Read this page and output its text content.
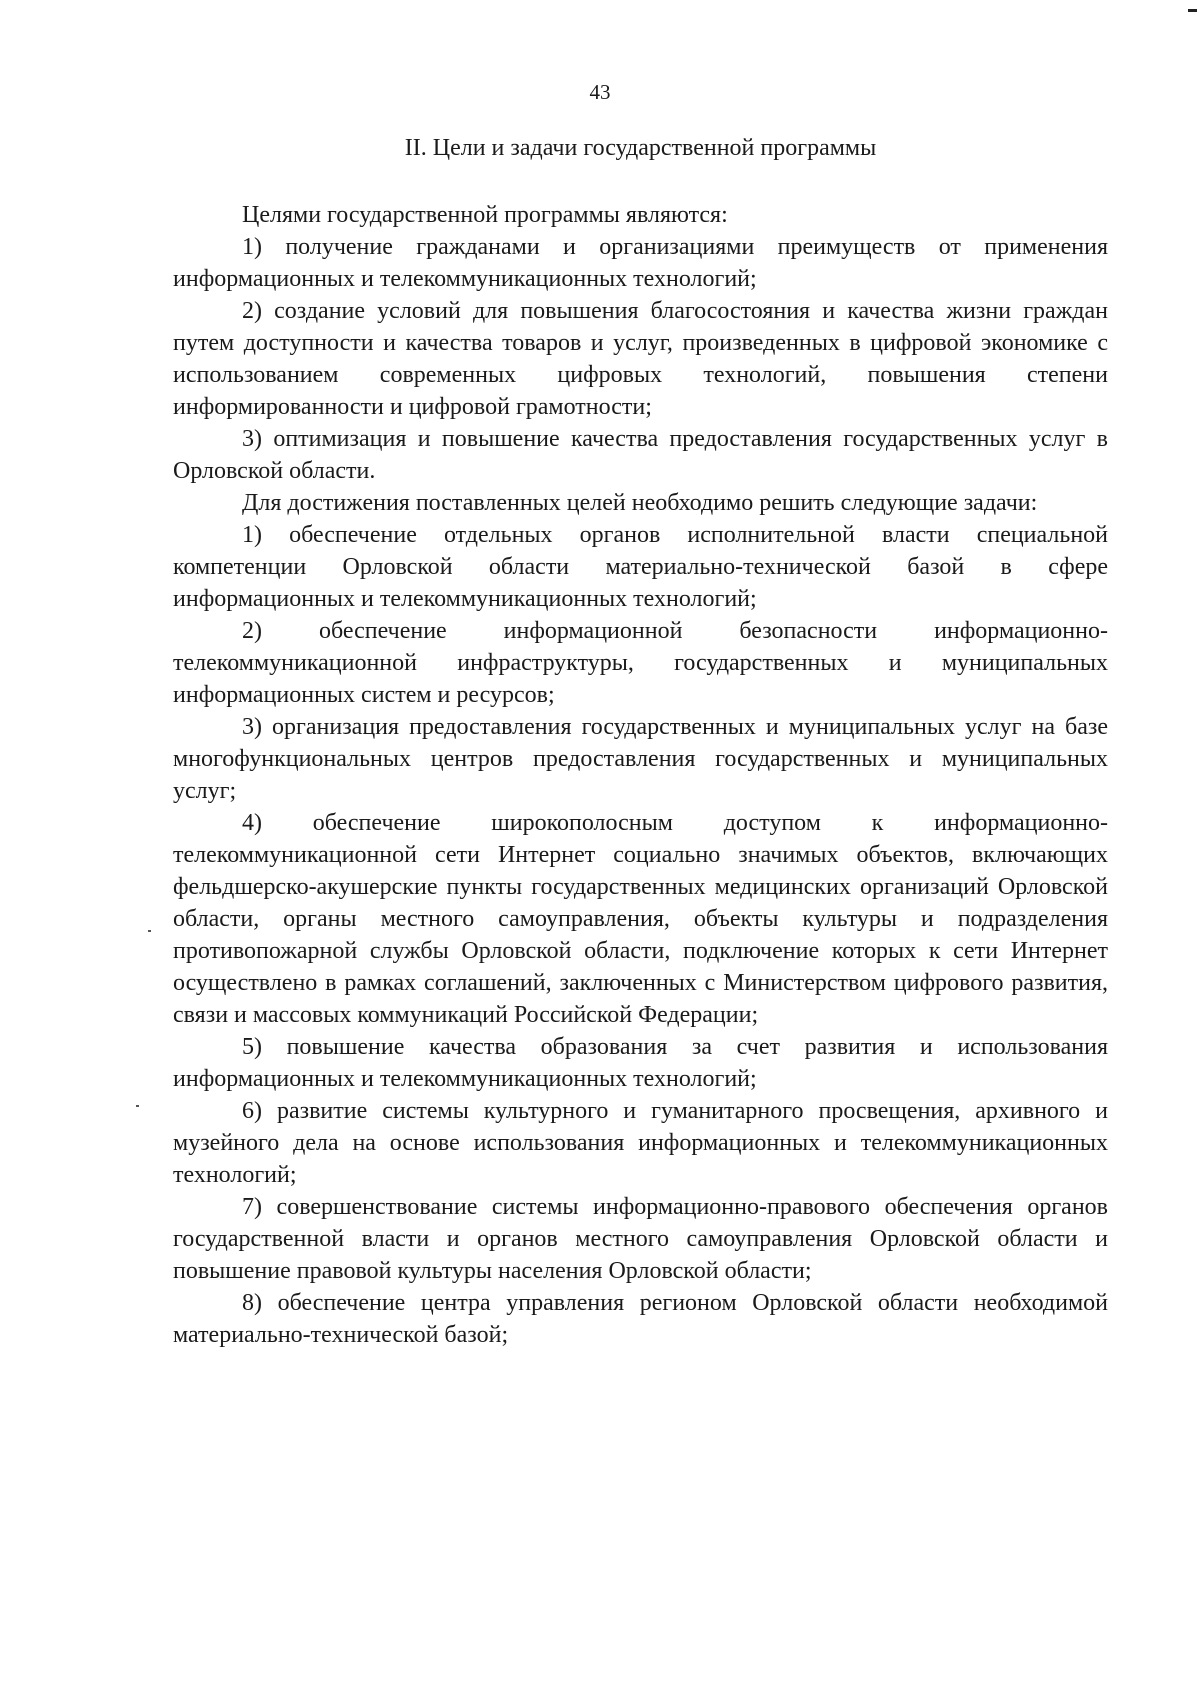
43
II. Цели и задачи государственной программы

Целями государственной программы являются:

1) получение гражданами и организациями преимуществ от применения информационных и телекоммуникационных технологий;

2) создание условий для повышения благосостояния и качества жизни граждан путем доступности и качества товаров и услуг, произведенных в цифровой экономике с использованием современных цифровых технологий, повышения степени информированности и цифровой грамотности;

3) оптимизация и повышение качества предоставления государственных услуг в Орловской области.

Для достижения поставленных целей необходимо решить следующие задачи:

1) обеспечение отдельных органов исполнительной власти специальной компетенции Орловской области материально-технической базой в сфере информационных и телекоммуникационных технологий;

2) обеспечение информационной безопасности информационно-телекоммуникационной инфраструктуры, государственных и муниципальных информационных систем и ресурсов;

3) организация предоставления государственных и муниципальных услуг на базе многофункциональных центров предоставления государственных и муниципальных услуг;

4) обеспечение широкополосным доступом к информационно-телекоммуникационной сети Интернет социально значимых объектов, включающих фельдшерско-акушерские пункты государственных медицинских организаций Орловской области, органы местного самоуправления, объекты культуры и подразделения противопожарной службы Орловской области, подключение которых к сети Интернет осуществлено в рамках соглашений, заключенных с Министерством цифрового развития, связи и массовых коммуникаций Российской Федерации;

5) повышение качества образования за счет развития и использования информационных и телекоммуникационных технологий;

6) развитие системы культурного и гуманитарного просвещения, архивного и музейного дела на основе использования информационных и телекоммуникационных технологий;

7) совершенствование системы информационно-правового обеспечения органов государственной власти и органов местного самоуправления Орловской области и повышение правовой культуры населения Орловской области;

8) обеспечение центра управления регионом Орловской области необходимой материально-технической базой;
